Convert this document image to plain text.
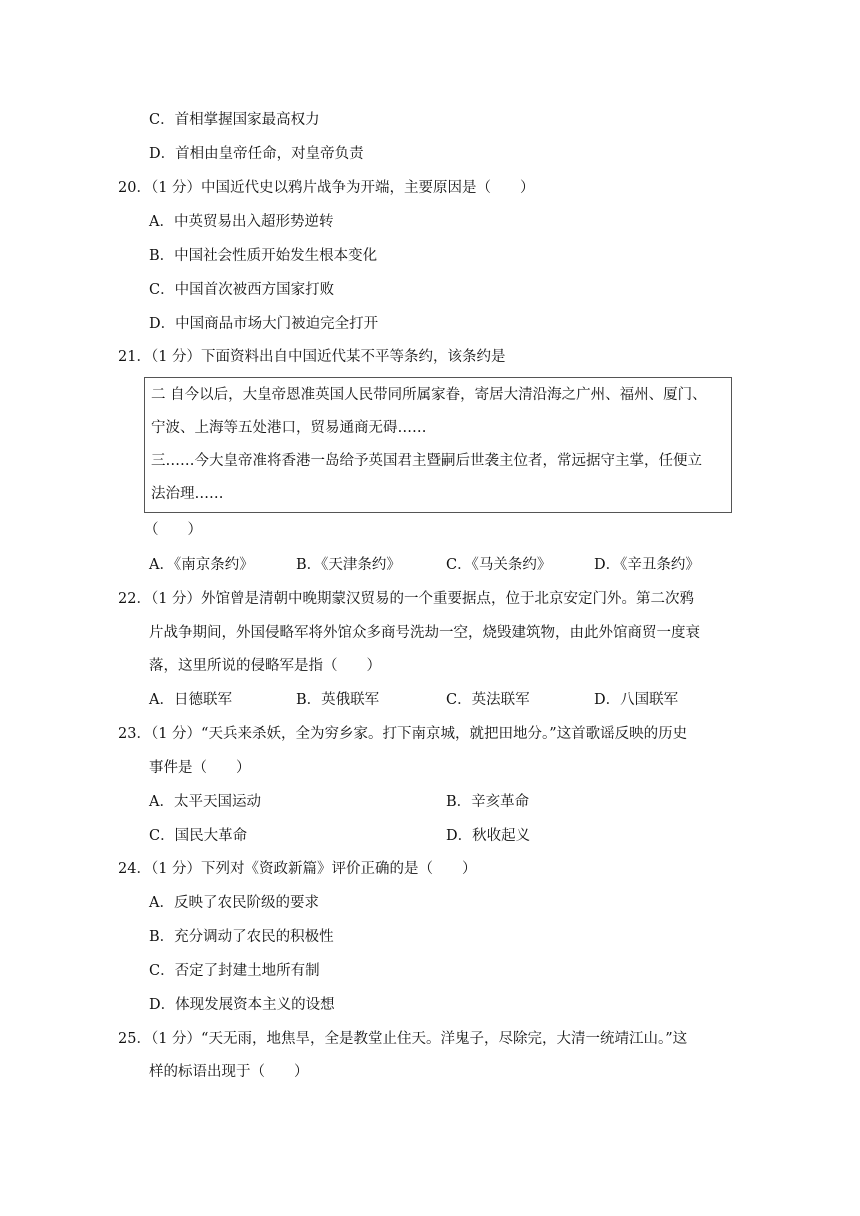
C．首相掌握国家最高权力
D．首相由皇帝任命，对皇帝负责
20．（1 分）中国近代史以鸦片战争为开端，主要原因是（　　）
A．中英贸易出入超形势逆转
B．中国社会性质开始发生根本变化
C．中国首次被西方国家打败
D．中国商品市场大门被迫完全打开
21．（1 分）下面资料出自中国近代某不平等条约，该条约是
二 自今以后，大皇帝恩准英国人民带同所属家眷，寄居大清沿海之广州、福州、厦门、
宁波、上海等五处港口，贸易通商无碍……
三……今大皇帝准将香港一岛给予英国君主暨嗣后世袭主位者，常远据守主掌，任便立
法治理……
（　　）
A．《南京条约》	B．《天津条约》	C．《马关条约》	D．《辛丑条约》
22．（1 分）外馆曾是清朝中晚期蒙汉贸易的一个重要据点，位于北京安定门外。第二次鸦
片战争期间，外国侵略军将外馆众多商号洗劫一空，烧毁建筑物，由此外馆商贸一度衰
落，这里所说的侵略军是指（　　）
A．日德联军	B．英俄联军	C．英法联军	D．八国联军
23．（1 分）“天兵来杀妖，全为穷乡家。打下南京城，就把田地分。”这首歌谣反映的历史
事件是（　　）
A．太平天国运动	B．辛亥革命
C．国民大革命	D．秋收起义
24．（1 分）下列对《资政新篇》评价正确的是（　　）
A．反映了农民阶级的要求
B．充分调动了农民的积极性
C．否定了封建土地所有制
D．体现发展资本主义的设想
25．（1 分）“天无雨，地焦旱，全是教堂止住天。洋鬼子，尽除完，大清一统靖江山。”这
样的标语出现于（　　）
